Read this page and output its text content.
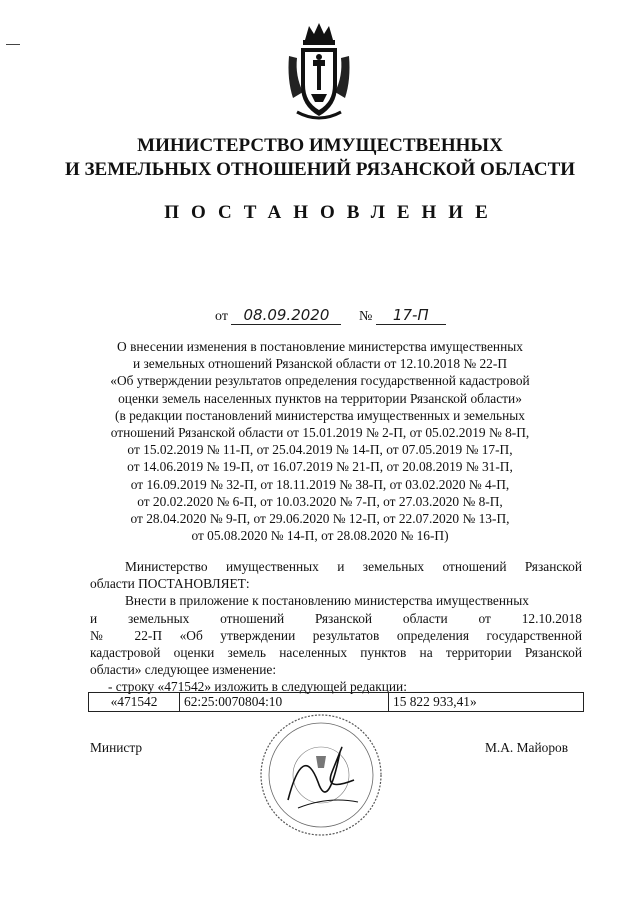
МИНИСТЕРСТВО ИМУЩЕСТВЕННЫХ
И ЗЕМЕЛЬНЫХ ОТНОШЕНИЙ РЯЗАНСКОЙ ОБЛАСТИ
ПОСТАНОВЛЕНИЕ
от 08.09.2020 № 17-П
О внесении изменения в постановление министерства имущественных
и земельных отношений Рязанской области от 12.10.2018 № 22-П
«Об утверждении результатов определения государственной кадастровой
оценки земель населенных пунктов на территории Рязанской области»
(в редакции постановлений министерства имущественных и земельных
отношений Рязанской области от 15.01.2019 № 2-П, от 05.02.2019 № 8-П,
от 15.02.2019 № 11-П, от 25.04.2019 № 14-П, от 07.05.2019 № 17-П,
от 14.06.2019 № 19-П, от 16.07.2019 № 21-П, от 20.08.2019 № 31-П,
от 16.09.2019 № 32-П, от 18.11.2019 № 38-П, от 03.02.2020 № 4-П,
от 20.02.2020 № 6-П, от 10.03.2020 № 7-П, от 27.03.2020 № 8-П,
от 28.04.2020 № 9-П, от 29.06.2020 № 12-П, от 22.07.2020 № 13-П,
от 05.08.2020 № 14-П, от 28.08.2020 № 16-П)
Министерство имущественных и земельных отношений Рязанской
области ПОСТАНОВЛЯЕТ:
Внести в приложение к постановлению министерства имущественных
и земельных отношений Рязанской области от 12.10.2018
№ 22-П «Об утверждении результатов определения государственной
кадастровой оценки земель населенных пунктов на территории Рязанской
области» следующее изменение:
- строку «471542» изложить в следующей редакции:
«471542	62:25:0070804:10	15 822 933,41»
Министр	М.А. Майоров
